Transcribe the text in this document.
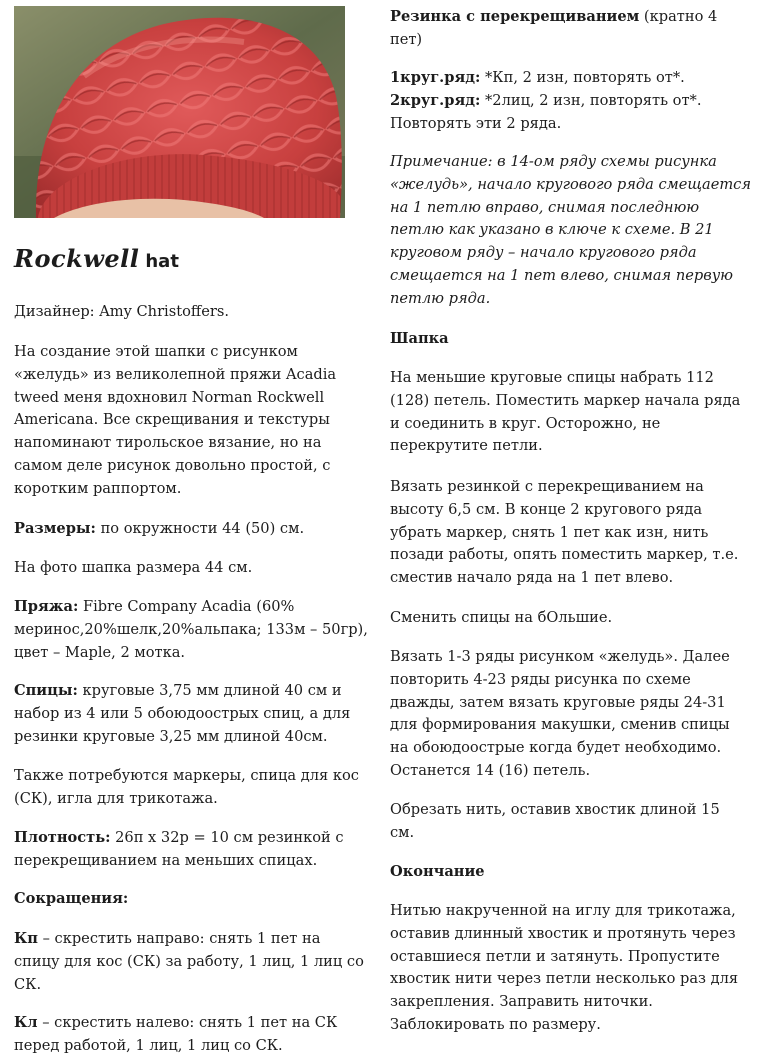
Rockwell hat

Дизайнер: Amy Christoffers.

На создание этой шапки с рисунком

«желудь» из великолепной пряжи Acadia

tweed меня вдохновил Norman Rockwell

Americana. Все скрещивания и текстуры

напоминают тирольское вязание, но на

самом деле рисунок довольно простой, с

коротким раппортом.

Размеры: по окружности 44 (50) см.

На фото шапка размера 44 см.

Пряжа: Fibre Company Acadia (60%

меринос,20%шелк,20%альпака; 133м – 50гр),

цвет – Maple, 2 мотка.

Спицы: круговые 3,75 мм длиной 40 см и

набор из 4 или 5 обоюдоострых спиц, а для

резинки круговые 3,25 мм длиной 40см.

Также потребуются маркеры, спица для кос

(СК), игла для трикотажа.

Плотность: 26п х 32р = 10 см резинкой с

перекрещиванием на меньших спицах.

Сокращения:

Кп – скрестить направо: снять 1 пет на

спицу для кос (СК) за работу, 1 лиц, 1 лиц со

СК.

Кл – скрестить налево: снять 1 пет на СК

перед работой, 1 лиц, 1 лиц со СК.

Резинка с перекрещиванием (кратно 4

пет)

1круг.ряд: *Кп, 2 изн, повторять от*.

2круг.ряд: *2лиц, 2 изн, повторять от*.

Повторять эти 2 ряда.

Примечание: в 14-ом ряду схемы рисунка

«желудь», начало кругового ряда смещается

на 1 петлю вправо, снимая последнюю

петлю как указано в ключе к схеме. В 21

круговом ряду – начало кругового ряда

смещается на 1 пет влево, снимая первую

петлю ряда.

Шапка

На меньшие круговые спицы набрать 112

(128) петель. Поместить маркер начала ряда

и соединить в круг. Осторожно, не

перекрутите петли.

Вязать резинкой с перекрещиванием на

высоту 6,5 см. В конце 2 кругового ряда

убрать маркер, снять 1 пет как изн, нить

позади работы, опять поместить маркер, т.е.

сместив начало ряда на 1 пет влево.

Сменить спицы на бОльшие.

Вязать 1-3 ряды рисунком «желудь». Далее

повторить 4-23 ряды рисунка по схеме

дважды, затем вязать круговые ряды 24-31

для формирования макушки, сменив спицы

на обоюдоострые когда будет необходимо.

Останется 14 (16) петель.

Обрезать нить, оставив хвостик длиной 15

см.

Окончание

Нитью накрученной на иглу для трикотажа,

оставив длинный хвостик и протянуть через

оставшиеся петли и затянуть. Пропустите

хвостик нити через петли несколько раз для

закрепления. Заправить ниточки.

Заблокировать по размеру.
